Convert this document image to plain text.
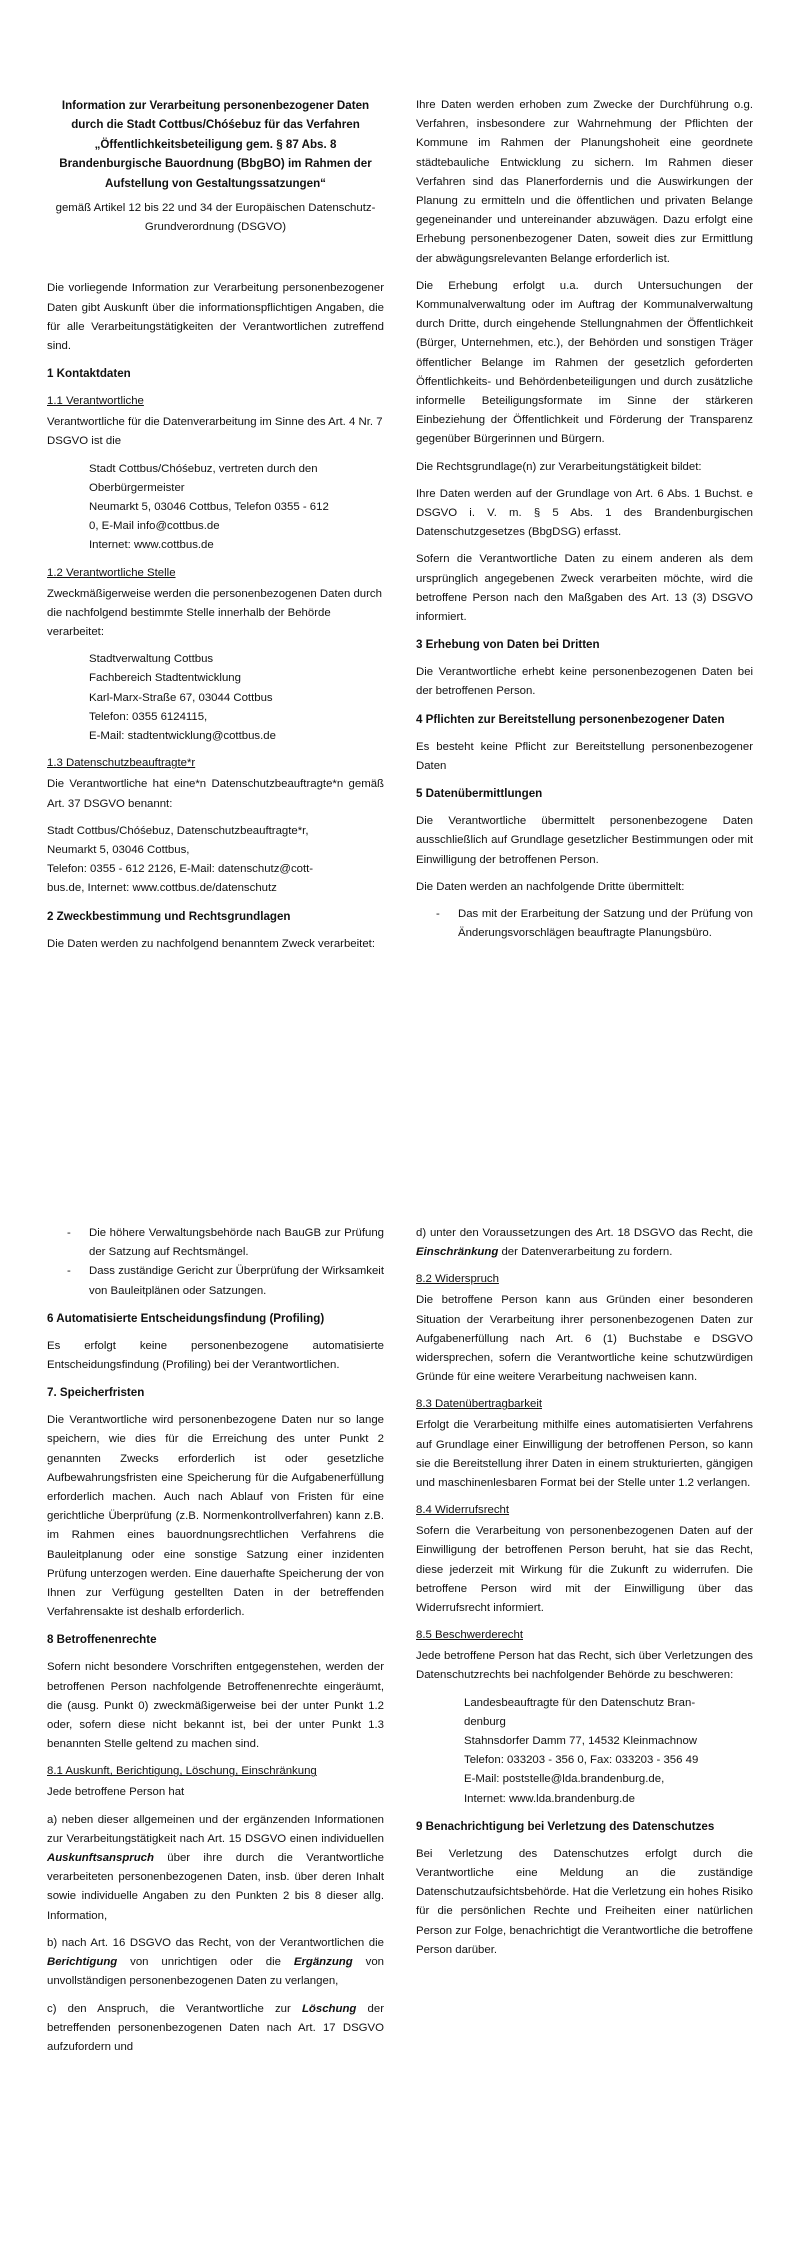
Information zur Verarbeitung personenbezogener Daten durch die Stadt Cottbus/Chóśebuz für das Verfahren „Öffentlichkeitsbeteiligung gem. § 87 Abs. 8 Brandenburgische Bauordnung (BbgBO) im Rahmen der Aufstellung von Gestaltungssatzungen“

gemäß Artikel 12 bis 22 und 34 der Europäischen Datenschutz-Grundverordnung (DSGVO)

Die vorliegende Information zur Verarbeitung personenbezogener Daten gibt Auskunft über die informationspflichtigen Angaben, die für alle Verarbeitungstätigkeiten der Verantwortlichen zutreffend sind.

1 Kontaktdaten
1.1 Verantwortliche

Verantwortliche für die Datenverarbeitung im Sinne des Art. 4 Nr. 7 DSGVO ist die

Stadt Cottbus/Chóśebuz, vertreten durch den
Oberbürgermeister
Neumarkt 5, 03046 Cottbus, Telefon 0355 - 612
0, E-Mail info@cottbus.de
Internet: www.cottbus.de
1.2 Verantwortliche Stelle

Zweckmäßigerweise werden die personenbezogenen Daten durch die nachfolgend bestimmte Stelle innerhalb der Behörde verarbeitet:

Stadtverwaltung Cottbus
Fachbereich Stadtentwicklung
Karl-Marx-Straße 67, 03044 Cottbus
Telefon: 0355 6124115,
E-Mail: stadtentwicklung@cottbus.de
1.3 Datenschutzbeauftragte*r

Die Verantwortliche hat eine*n Datenschutzbeauftragte*n gemäß Art. 37 DSGVO benannt:

Stadt Cottbus/Chóśebuz, Datenschutzbeauftragte*r,
Neumarkt 5, 03046 Cottbus,
Telefon: 0355 - 612 2126, E-Mail: datenschutz@cott-
bus.de, Internet: www.cottbus.de/datenschutz
2 Zweckbestimmung und Rechtsgrundlagen

Die Daten werden zu nachfolgend benanntem Zweck verarbeitet:

Ihre Daten werden erhoben zum Zwecke der Durchführung o.g. Verfahren, insbesondere zur Wahrnehmung der Pflichten der Kommune im Rahmen der Planungshoheit eine geordnete städtebauliche Entwicklung zu sichern. Im Rahmen dieser Verfahren sind das Planerfordernis und die Auswirkungen der Planung zu ermitteln und die öffentlichen und privaten Belange gegeneinander und untereinander abzuwägen. Dazu erfolgt eine Erhebung personenbezogener Daten, soweit dies zur Ermittlung der abwägungsrelevanten Belange erforderlich ist.

Die Erhebung erfolgt u.a. durch Untersuchungen der Kommunalverwaltung oder im Auftrag der Kommunalverwaltung durch Dritte, durch eingehende Stellungnahmen der Öffentlichkeit (Bürger, Unternehmen, etc.), der Behörden und sonstigen Träger öffentlicher Belange im Rahmen der gesetzlich geforderten Öffentlichkeits- und Behördenbeteiligungen und durch zusätzliche informelle Beteiligungsformate im Sinne der stärkeren Einbeziehung der Öffentlichkeit und Förderung der Transparenz gegenüber Bürgerinnen und Bürgern.

Die Rechtsgrundlage(n) zur Verarbeitungstätigkeit bildet:

Ihre Daten werden auf der Grundlage von Art. 6 Abs. 1 Buchst. e DSGVO i. V. m. § 5 Abs. 1 des Brandenburgischen Datenschutzgesetzes (BbgDSG) erfasst.

Sofern die Verantwortliche Daten zu einem anderen als dem ursprünglich angegebenen Zweck verarbeiten möchte, wird die betroffene Person nach den Maßgaben des Art. 13 (3) DSGVO informiert.

3 Erhebung von Daten bei Dritten

Die Verantwortliche erhebt keine personenbezogenen Daten bei der betroffenen Person.

4 Pflichten zur Bereitstellung personenbezogener Daten

Es besteht keine Pflicht zur Bereitstellung personenbezogener Daten

5 Datenübermittlungen

Die Verantwortliche übermittelt personenbezogene Daten ausschließlich auf Grundlage gesetzlicher Bestimmungen oder mit Einwilligung der betroffenen Person.

Die Daten werden an nachfolgende Dritte übermittelt:

- Das mit der Erarbeitung der Satzung und der Prüfung von Änderungsvorschlägen beauftragte Planungsbüro.
- Die höhere Verwaltungsbehörde nach BauGB zur Prüfung der Satzung auf Rechtsmängel.
- Dass zuständige Gericht zur Überprüfung der Wirksamkeit von Bauleitplänen oder Satzungen.
6 Automatisierte Entscheidungsfindung (Profiling)

Es erfolgt keine personenbezogene automatisierte Entscheidungsfindung (Profiling) bei der Verantwortlichen.

7. Speicherfristen

Die Verantwortliche wird personenbezogene Daten nur so lange speichern, wie dies für die Erreichung des unter Punkt 2 genannten Zwecks erforderlich ist oder gesetzliche Aufbewahrungsfristen eine Speicherung für die Aufgabenerfüllung erforderlich machen. Auch nach Ablauf von Fristen für eine gerichtliche Überprüfung (z.B. Normenkontrollverfahren) kann z.B. im Rahmen eines bauordnungsrechtlichen Verfahrens die Bauleitplanung oder eine sonstige Satzung einer inzidenten Prüfung unterzogen werden. Eine dauerhafte Speicherung der von Ihnen zur Verfügung gestellten Daten in der betreffenden Verfahrensakte ist deshalb erforderlich.

8 Betroffenenrechte

Sofern nicht besondere Vorschriften entgegenstehen, werden der betroffenen Person nachfolgende Betroffenenrechte eingeräumt, die (ausg. Punkt 0) zweckmäßigerweise bei der unter Punkt 1.2 oder, sofern diese nicht bekannt ist, bei der unter Punkt 1.3 benannten Stelle geltend zu machen sind.

8.1 Auskunft, Berichtigung, Löschung, Einschränkung

Jede betroffene Person hat

a) neben dieser allgemeinen und der ergänzenden Informationen zur Verarbeitungstätigkeit nach Art. 15 DSGVO einen individuellen Auskunftsanspruch über ihre durch die Verantwortliche verarbeiteten personenbezogenen Daten, insb. über deren Inhalt sowie individuelle Angaben zu den Punkten 2 bis 8 dieser allg. Information,

b) nach Art. 16 DSGVO das Recht, von der Verantwortlichen die Berichtigung von unrichtigen oder die Ergänzung von unvollständigen personenbezogenen Daten zu verlangen,

c) den Anspruch, die Verantwortliche zur Löschung der betreffenden personenbezogenen Daten nach Art. 17 DSGVO aufzufordern und

d) unter den Voraussetzungen des Art. 18 DSGVO das Recht, die Einschränkung der Datenverarbeitung zu fordern.

8.2 Widerspruch

Die betroffene Person kann aus Gründen einer besonderen Situation der Verarbeitung ihrer personenbezogenen Daten zur Aufgabenerfüllung nach Art. 6 (1) Buchstabe e DSGVO widersprechen, sofern die Verantwortliche keine schutzwürdigen Gründe für eine weitere Verarbeitung nachweisen kann.

8.3 Datenübertragbarkeit

Erfolgt die Verarbeitung mithilfe eines automatisierten Verfahrens auf Grundlage einer Einwilligung der betroffenen Person, so kann sie die Bereitstellung ihrer Daten in einem strukturierten, gängigen und maschinenlesbaren Format bei der Stelle unter 1.2 verlangen.

8.4 Widerrufsrecht

Sofern die Verarbeitung von personenbezogenen Daten auf der Einwilligung der betroffenen Person beruht, hat sie das Recht, diese jederzeit mit Wirkung für die Zukunft zu widerrufen. Die betroffene Person wird mit der Einwilligung über das Widerrufsrecht informiert.

8.5 Beschwerderecht

Jede betroffene Person hat das Recht, sich über Verletzungen des Datenschutzrechts bei nachfolgender Behörde zu beschweren:

Landesbeauftragte für den Datenschutz Bran-
denburg
Stahnsdorfer Damm 77, 14532 Kleinmachnow
Telefon: 033203 - 356 0, Fax: 033203 - 356 49
E-Mail: poststelle@lda.brandenburg.de,
Internet: www.lda.brandenburg.de
9 Benachrichtigung bei Verletzung des Datenschutzes

Bei Verletzung des Datenschutzes erfolgt durch die Verantwortliche eine Meldung an die zuständige Datenschutzaufsichtsbehörde. Hat die Verletzung ein hohes Risiko für die persönlichen Rechte und Freiheiten einer natürlichen Person zur Folge, benachrichtigt die Verantwortliche die betroffene Person darüber.
